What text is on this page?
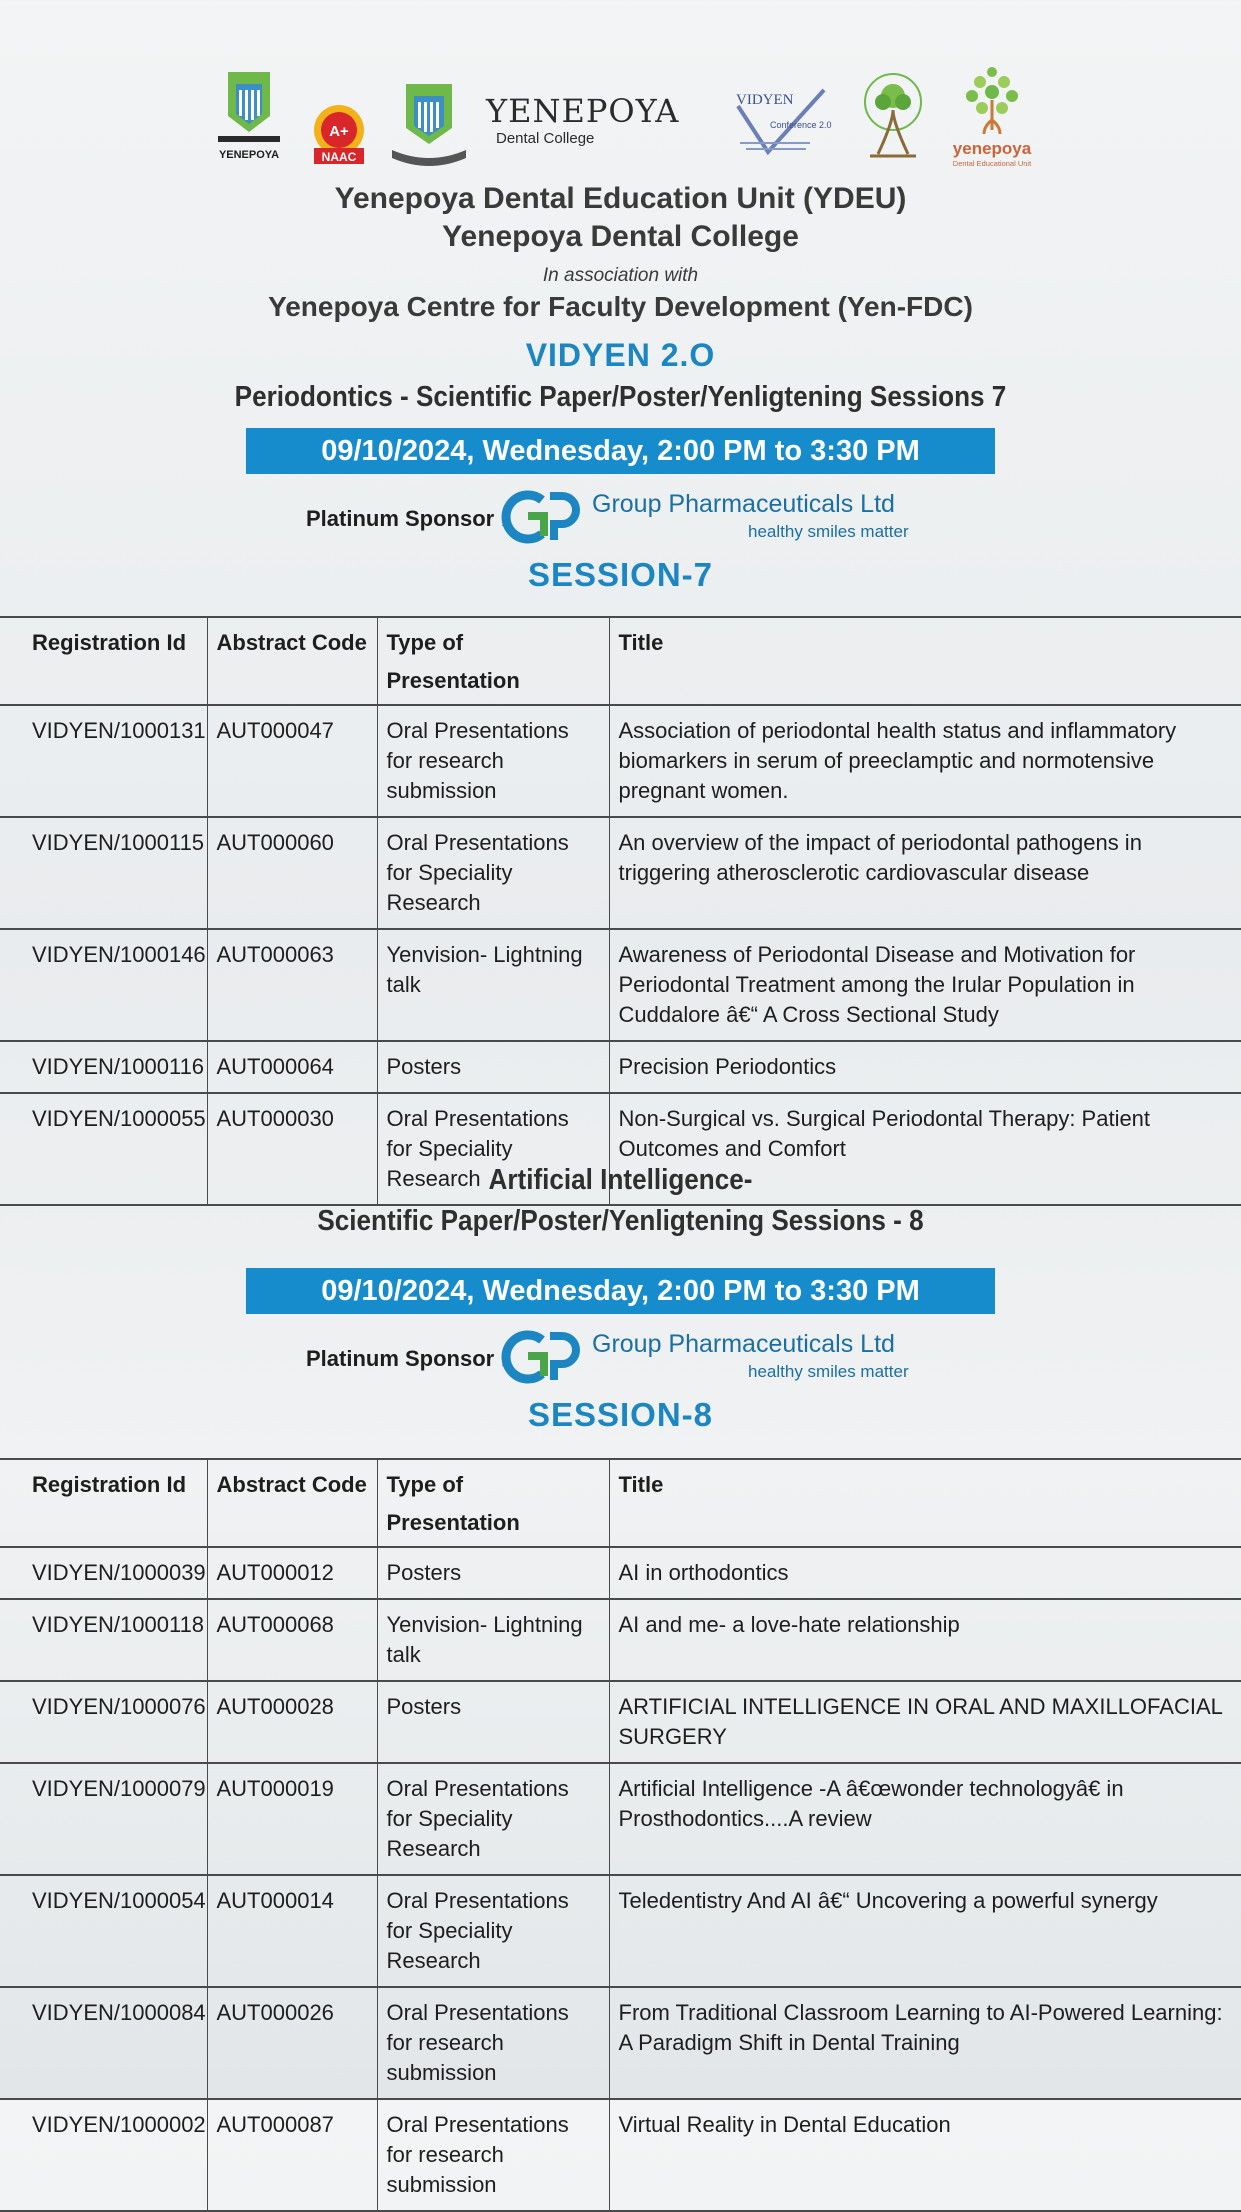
YENEPOYA
A+
NAAC
YENEPOYA
Dental College
VIDYEN
Conference 2.0
yenepoya
Dental Educational Unit
Yenepoya Dental Education Unit (YDEU)
Yenepoya Dental College
In association with
Yenepoya Centre for Faculty Development (Yen-FDC)
VIDYEN 2.O
Periodontics - Scientific Paper/Poster/Yenligtening Sessions 7
09/10/2024, Wednesday, 2:00 PM to 3:30 PM
Platinum Sponsor :
Group Pharmaceuticals Ltd
healthy smiles matter
SESSION-7
Registration Id	Abstract Code	Type of Presentation	Title
VIDYEN/1000131	AUT000047	Oral Presentations for research submission	Association of periodontal health status and inflammatory biomarkers in serum of preeclamptic and normotensive pregnant women.
VIDYEN/1000115	AUT000060	Oral Presentations for Speciality Research	An overview of the impact of periodontal pathogens in triggering atherosclerotic cardiovascular disease
VIDYEN/1000146	AUT000063	Yenvision- Lightning talk	Awareness of Periodontal Disease and Motivation for Periodontal Treatment among the Irular Population in Cuddalore â€“ A Cross Sectional Study
VIDYEN/1000116	AUT000064	Posters	Precision Periodontics
VIDYEN/1000055	AUT000030	Oral Presentations for Speciality Research	Non-Surgical vs. Surgical Periodontal Therapy: Patient Outcomes and Comfort
Artificial Intelligence-
Scientific Paper/Poster/Yenligtening Sessions - 8
09/10/2024, Wednesday, 2:00 PM to 3:30 PM
Platinum Sponsor :
Group Pharmaceuticals Ltd
healthy smiles matter
SESSION-8
Registration Id	Abstract Code	Type of Presentation	Title
VIDYEN/1000039	AUT000012	Posters	AI in orthodontics
VIDYEN/1000118	AUT000068	Yenvision- Lightning talk	AI and me- a love-hate relationship
VIDYEN/1000076	AUT000028	Posters	ARTIFICIAL INTELLIGENCE IN ORAL AND MAXILLOFACIAL SURGERY
VIDYEN/1000079	AUT000019	Oral Presentations for Speciality Research	Artificial Intelligence -A â€œwonder technologyâ€ in Prosthodontics....A review
VIDYEN/1000054	AUT000014	Oral Presentations for Speciality Research	Teledentistry And AI â€“ Uncovering a powerful synergy
VIDYEN/1000084	AUT000026	Oral Presentations for research submission	From Traditional Classroom Learning to AI-Powered Learning: A Paradigm Shift in Dental Training
VIDYEN/1000002	AUT000087	Oral Presentations for research submission	Virtual Reality in Dental Education
